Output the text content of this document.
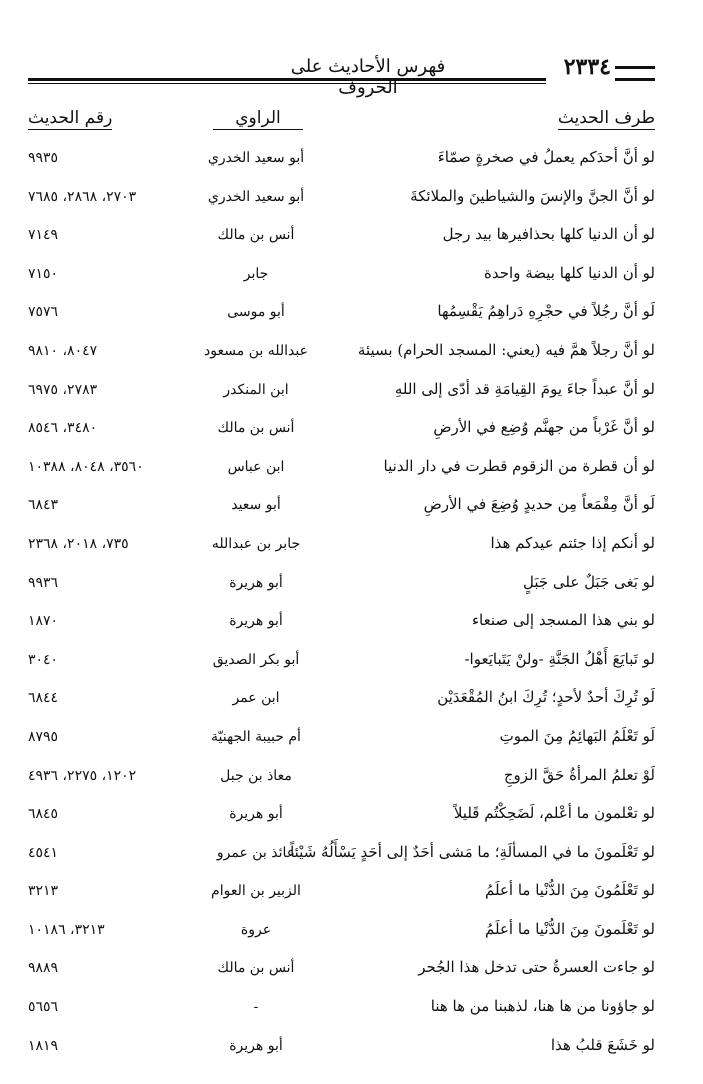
فهرس الأحاديث على الحروف
٢٣٣٤
طرف الحديث
الراوي
رقم الحديث
لو أنَّ أحدَكم يعملُ في صخرةٍ صمّاءَ
أبو سعيد الخدري
٩٩٣٥
لو أنَّ الجنَّ والإنسَ والشياطينَ والملائكةَ
أبو سعيد الخدري
٢٧٠٣، ٢٨٦٨، ٧٦٨٥
لو أن الدنيا كلها بحذافيرها بيد رجل
أنس بن مالك
٧١٤٩
لو أن الدنيا كلها بيضة واحدة
جابر
٧١٥٠
لَو أنَّ رجُلاً في حجْرِهِ دَراهِمُ يَقْسِمُها
أبو موسى
٧٥٧٦
لو أنَّ رجلاً همَّ فيه (يعني: المسجد الحرام) بسيئة
عبدالله بن مسعود
٨٠٤٧، ٩٨١٠
لو أنَّ عبداً جاءَ يومَ القِيامَةِ قد أدّى إلى اللهِ
ابن المنكدر
٢٧٨٣، ٦٩٧٥
لو أنَّ غَرْباً من جهنَّم وُضِع في الأرضِ
أنس بن مالك
٣٤٨٠، ٨٥٤٦
لو أن قطرة من الزقوم قطرت في دار الدنيا
ابن عباس
٣٥٦٠، ٨٠٤٨، ١٠٣٨٨
لَو أنَّ مِقْمَعاً مِن حديدٍ وُضِعَ في الأرضِ
أبو سعيد
٦٨٤٣
لو أنكم إذا جئتم عيدكم هذا
جابر بن عبدالله
٧٣٥، ٢٠١٨، ٢٣٦٨
لو بَغى جَبَلٌ على جَبَلٍ
أبو هريرة
٩٩٣٦
لو بني هذا المسجد إلى صنعاء
أبو هريرة
١٨٧٠
لو تَبايَعَ أَهْلُ الجَنَّةِ -ولنْ يَتَبايَعوا-
أبو بكر الصديق
٣٠٤٠
لَو تُرِكَ أحدٌ لأحدٍ؛ تُرِكَ ابنُ المُقْعَدَيْن
ابن عمر
٦٨٤٤
لَو تَعْلَمُ البَهائِمُ مِنَ الموتِ
أم حبيبة الجهنيّة
٨٧٩٥
لَوْ تعلمُ المرأةُ حَقَّ الزوجِ
معاذ بن جبل
١٢٠٢، ٢٢٧٥، ٤٩٣٦
لو تعْلمون ما أعْلم، لَضَحِكْتُم قَليلاً
أبو هريرة
٦٨٤٥
لو تَعْلَمونَ ما في المسألَةِ؛ ما مَشى أحَدٌ إلى أحَدٍ يَسْأَلُهُ شَيْئاً
عائذ بن عمرو
٤٥٤١
لو تَعْلَمُونَ مِنَ الدُّنْيا ما أعلَمُ
الزبير بن العوام
٣٢١٣
لو تَعْلَمونَ مِنَ الدُّنْيا ما أعلَمُ
عروة
٣٢١٣، ١٠١٨٦
لو جاءت العسرةُ حتى تدخل هذا الجُحر
أنس بن مالك
٩٨٨٩
لو جاؤونا من ها هنا، لذهبنا من ها هنا
-
٥٦٥٦
لو خَشَعَ قلبُ هذا
أبو هريرة
١٨١٩
